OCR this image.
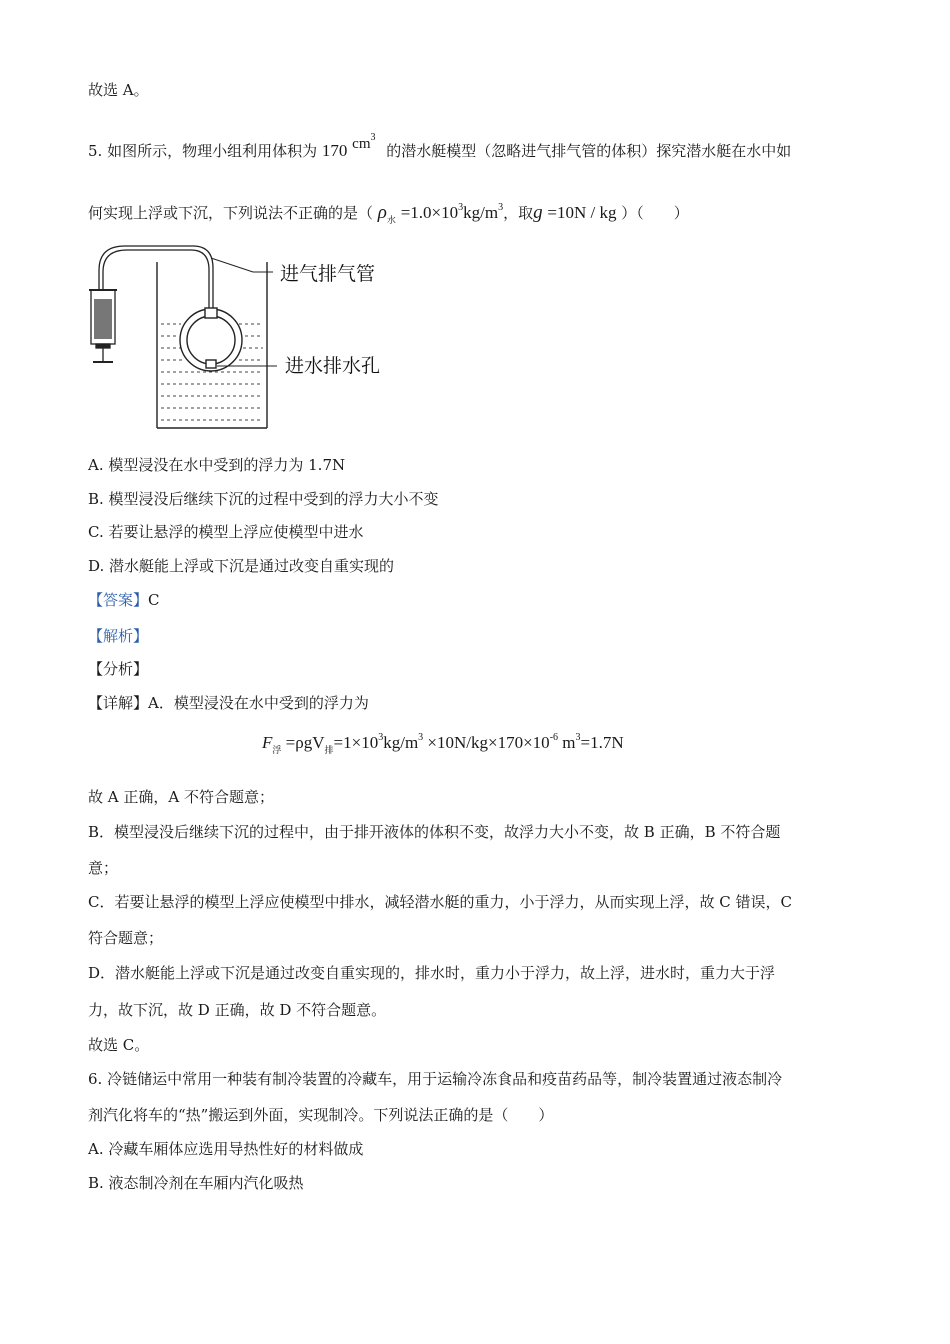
故选 A。
5. 如图所示，物理小组利用体积为 170 $cm^3$ 的潜水艇模型（忽略进气排气管的体积）探究潜水艇在水中如
何实现上浮或下沉，下列说法不正确的是（ $\rho_水 =1.0\times 10^3kg/m^3$，取g =10N / kg ）（　　）
进气排气管
进水排水孔
A. 模型浸没在水中受到的浮力为 1.7N
B. 模型浸没后继续下沉的过程中受到的浮力大小不变
C. 若要让悬浮的模型上浮应使模型中进水
D. 潜水艇能上浮或下沉是通过改变自重实现的
【答案】C
【解析】
【分析】
【详解】A．模型浸没在水中受到的浮力为
$F_浮 =\rho gV_排=1\times 10^3kg/m^3 \times 10N/kg\times 170\times 10^{-6}$ $m^3=1.7N$
故 A 正确，A 不符合题意；
B．模型浸没后继续下沉的过程中，由于排开液体的体积不变，故浮力大小不变，故 B 正确，B 不符合题
意；
C．若要让悬浮的模型上浮应使模型中排水，减轻潜水艇的重力，小于浮力，从而实现上浮，故 C 错误，C
符合题意；
D．潜水艇能上浮或下沉是通过改变自重实现的，排水时，重力小于浮力，故上浮，进水时，重力大于浮
力，故下沉，故 D 正确，故 D 不符合题意。
故选 C。
6. 冷链储运中常用一种装有制冷装置的冷藏车，用于运输冷冻食品和疫苗药品等，制冷装置通过液态制冷
剂汽化将车的“热”搬运到外面，实现制冷。下列说法正确的是（　　）
A. 冷藏车厢体应选用导热性好的材料做成
B. 液态制冷剂在车厢内汽化吸热
